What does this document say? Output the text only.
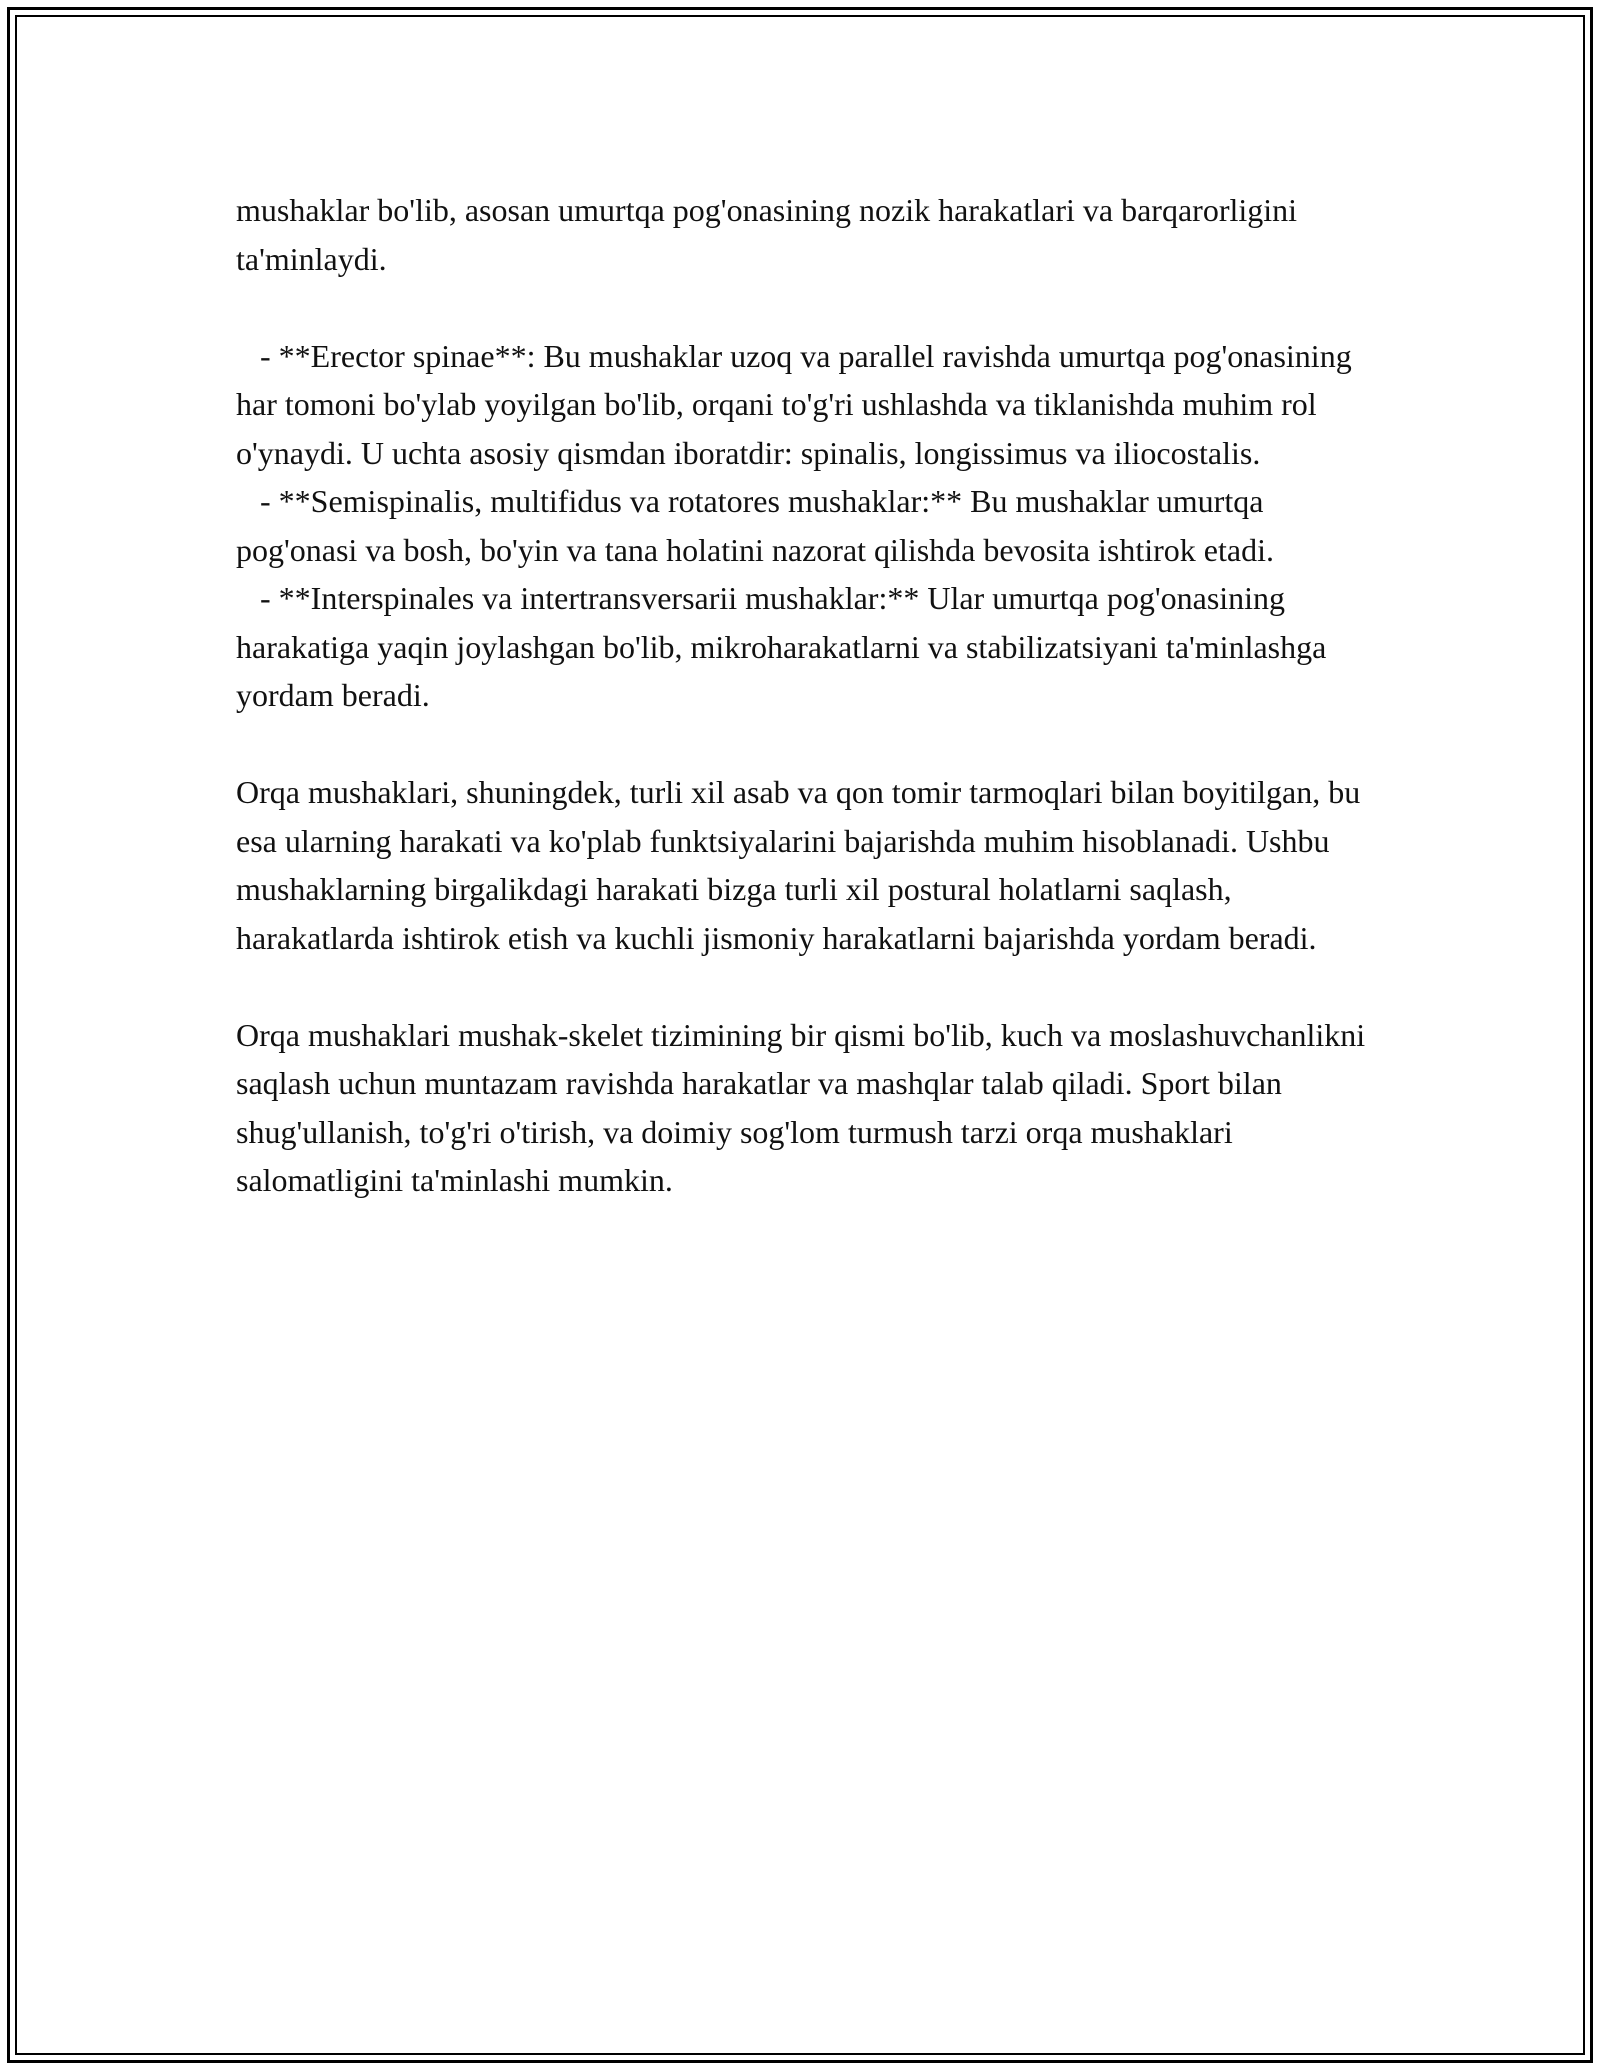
mushaklar bo'lib, asosan umurtqa pog'onasining nozik harakatlari va barqarorligini ta'minlaydi.

- **Erector spinae**: Bu mushaklar uzoq va parallel ravishda umurtqa pog'onasining har tomoni bo'ylab yoyilgan bo'lib, orqani to'g'ri ushlashda va tiklanishda muhim rol o'ynaydi. U uchta asosiy qismdan iboratdir: spinalis, longissimus va iliocostalis.

- **Semispinalis, multifidus va rotatores mushaklar:** Bu mushaklar umurtqa pog'onasi va bosh, bo'yin va tana holatini nazorat qilishda bevosita ishtirok etadi.

- **Interspinales va intertransversarii mushaklar:** Ular umurtqa pog'onasining harakatiga yaqin joylashgan bo'lib, mikroharakatlarni va stabilizatsiyani ta'minlashga yordam beradi.

Orqa mushaklari, shuningdek, turli xil asab va qon tomir tarmoqlari bilan boyitilgan, bu esa ularning harakati va ko'plab funktsiyalarini bajarishda muhim hisoblanadi. Ushbu mushaklarning birgalikdagi harakati bizga turli xil postural holatlarni saqlash, harakatlarda ishtirok etish va kuchli jismoniy harakatlarni bajarishda yordam beradi.

Orqa mushaklari mushak-skelet tizimining bir qismi bo'lib, kuch va moslashuvchanlikni saqlash uchun muntazam ravishda harakatlar va mashqlar talab qiladi. Sport bilan shug'ullanish, to'g'ri o'tirish, va doimiy sog'lom turmush tarzi orqa mushaklari salomatligini ta'minlashi mumkin.
